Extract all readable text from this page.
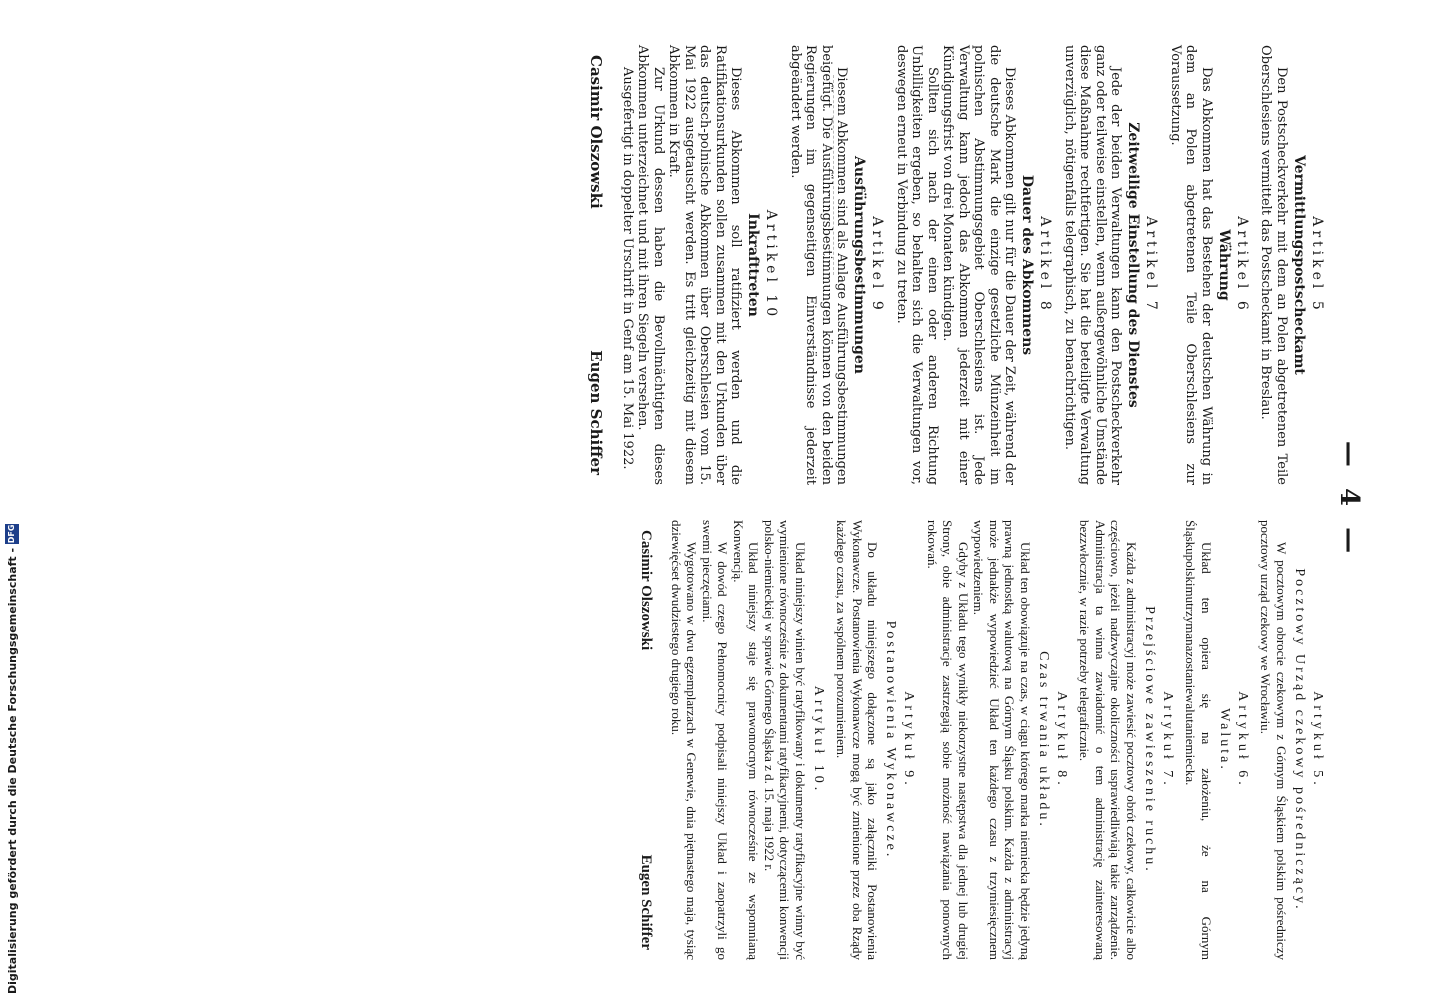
— 4 —
Artikel 5
Vermittlungspostscheckamt

Den Postscheckverkehr mit dem an Polen abgetretenen Teile Oberschlesiens vermittelt das Postscheckamt in Breslau.

Artikel 6
Währung

Das Abkommen hat das Bestehen der deutschen Währung in dem an Polen abgetretenen Teile Oberschlesiens zur Voraussetzung.

Artikel 7
Zeitweilige Einstellung des Dienstes

Jede der beiden Verwaltungen kann den Postscheckverkehr ganz oder teilweise einstellen, wenn außergewöhnliche Umstände diese Maßnahme rechtfertigen. Sie hat die beteiligte Verwaltung unverzüglich, nötigenfalls telegraphisch, zu benachrichtigen.

Artikel 8
Dauer des Abkommens

Dieses Abkommen gilt nur für die Dauer der Zeit, während der die deutsche Mark die einzige gesetzliche Münzeinheit im polnischen Abstimmungsgebiet Oberschlesiens ist. Jede Verwaltung kann jedoch das Abkommen jederzeit mit einer Kündigungsfrist von drei Monaten kündigen.

Sollten sich nach der einen oder anderen Richtung Unbilligkeiten ergeben, so behalten sich die Verwaltungen vor, deswegen erneut in Verbindung zu treten.

Artikel 9
Ausführungsbestimmungen

Diesem Abkommen sind als Anlage Ausführungsbestimmungen beigefügt. Die Ausführungsbestimmungen können von den beiden Regierungen im gegenseitigen Einverständnisse jederzeit abgeändert werden.

Artikel 10
Inkrafttreten

Dieses Abkommen soll ratifiziert werden und die Ratifikationsurkunden sollen zusammen mit den Urkunden über das deutsch-polnische Abkommen über Oberschlesien vom 15. Mai 1922 ausgetauscht werden. Es tritt gleichzeitig mit diesem Abkommen in Kraft.

Zur Urkund dessen haben die Bevollmächtigten dieses Abkommen unterzeichnet und mit ihren Siegeln versehen.

Ausgefertigt in doppelter Urschrift in Genf am 15. Mai 1922.

Casimir Olszowski
Eugen Schiffer
Artykuł 5.
Pocztowy Urząd czekowy pośredniczący.

W pocztowym obrocie czekowym z Górnym Śląskiem polskim pośredniczy pocztowy urząd czekowy we Wrocławiu.

Artykuł 6.
Waluta.

Układ ten opiera się na założeniu, że na Górnym Śląskupolskimutrzymanazostaniewalutaniemiecka.

Artykuł 7.
Przejściowe zawieszenie ruchu.

Każda z administracyj może zawiesić pocztowy obrót czekowy, całkowicie albo częściowo, jeżeli nadzwyczajne okoliczności usprawiedliwiają takie zarządzenie. Administracja ta winna zawiadomić o tem administrację zainteresowaną bezzwłocznie, w razie potrzeby telegraficznie.

Artykuł 8.
Czas trwania układu.

Układ ten obowiązuje na czas, w ciągu którego marka niemiecka będzie jedyną prawną jednostką walutową na Górnym Śląsku polskim. Każda z administracyj może jednakże wypowiedzieć Układ ten każdego czasu z trzymiesięcznem wypowiedzeniem.

Gdyby z Układu tego wynikły niekorzystne następstwa dla jednej lub drugiej Strony, obie administracje zastrzegają sobie możność nawiązania ponownych rokowań.

Artykuł 9.
Postanowienia Wykonawcze.

Do układu niniejszego dołączone są jako załączniki Postanowienia Wykonawcze. Postanowienia Wykonawcze mogą być zmienione przez oba Rządy każdego czasu, za wspólnem porozumieniem.

Artykuł 10.

Układ niniejszy winien być ratyfikowany i dokumenty ratyfikacyjne winny być wymienione równocześnie z dokumentami ratyfikacyjnemi, dotyczącemi konwencji polsko-niemieckiej w sprawie Górnego Śląska z d. 15. maja 1922 r.

Układ niniejszy staje się prawomocnym równocześnie ze wspomnianą Konwencją.

W dowód czego Pełnomocnicy podpisali niniejszy Układ i zaopatrzyli go swemi pieczęciami.

Wygotowano w dwu egzemplarzach w Genewie, dnia piętnastego maja, tysiąc dziewięćset dwudziestego drugiego roku.

Casimir Olszowski
Eugen Schiffer
Digitalisierung gefördert durch die Deutsche Forschungsgemeinschaft -
DFG
